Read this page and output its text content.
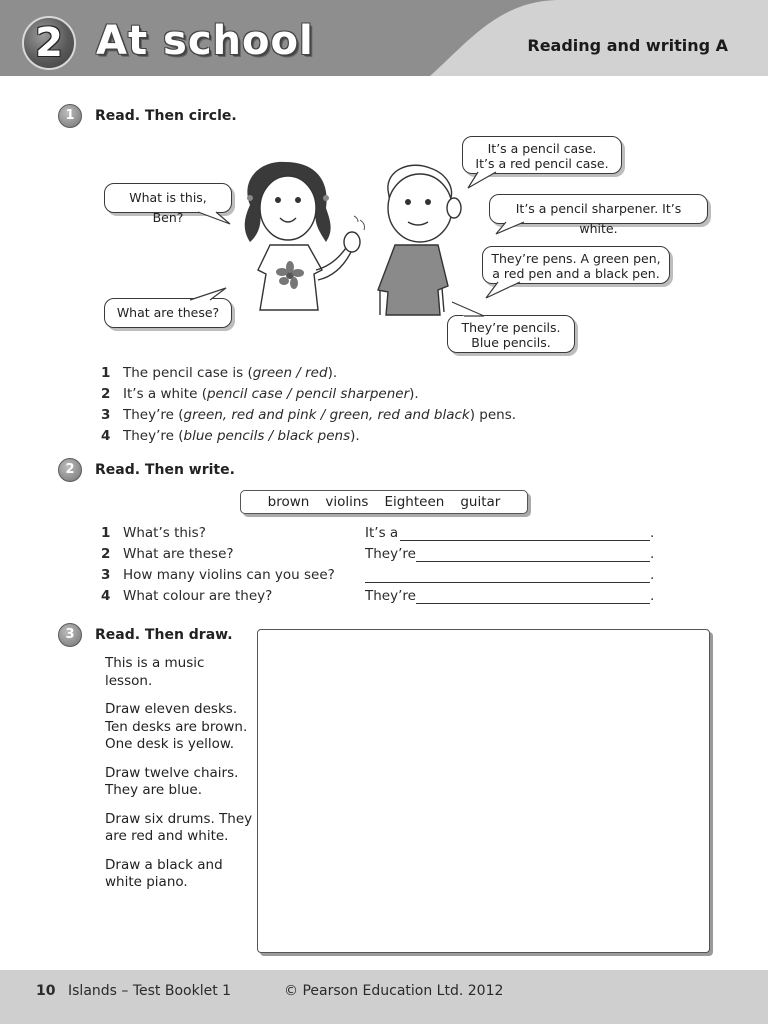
2 At school	Reading and writing A
1	Read. Then circle.
What is this, Ben?
What are these?
It’s a pencil case.
It’s a red pencil case.
It’s a pencil sharpener. It’s white.
They’re pens. A green pen,
a red pen and a black pen.
They’re pencils.
Blue pencils.
1 The pencil case is (green / red).
2 It’s a white (pencil case / pencil sharpener).
3 They’re (green, red and pink / green, red and black) pens.
4 They’re (blue pencils / black pens).
2	Read. Then write.
brown violins Eighteen guitar
1 What’s this?	It’s a	.
2 What are these?	They’re	.
3 How many violins can you see?	.
4 What colour are they?	They’re	.
3	Read. Then draw.

This is a music lesson.

Draw eleven desks.
Ten desks are brown.
One desk is yellow.

Draw twelve chairs.
They are blue.

Draw six drums. They
are red and white.

Draw a black and
white piano.

10 Islands – Test Booklet 1	© Pearson Education Ltd. 2012
